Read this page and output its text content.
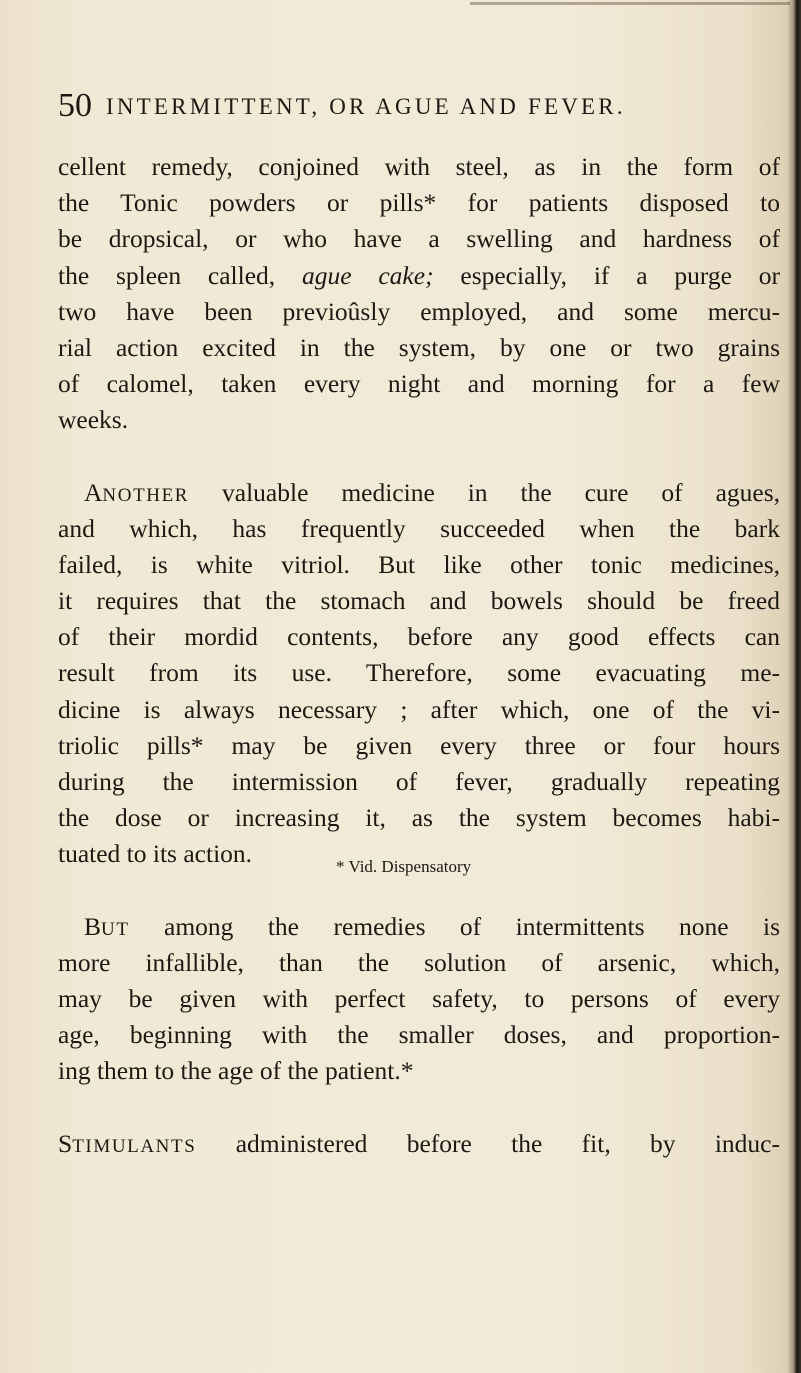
50 INTERMITTENT, OR AGUE AND FEVER.
cellent remedy, conjoined with steel, as in the form of
the Tonic powders or pills* for patients disposed to
be dropsical, or who have a swelling and hardness of
the spleen called, ague cake; especially, if a purge or
two have been previoûsly employed, and some mercu-
rial action excited in the system, by one or two grains
of calomel, taken every night and morning for a few
weeks.
ANOTHER valuable medicine in the cure of agues,
and which, has frequently succeeded when the bark
failed, is white vitriol. But like other tonic medicines,
it requires that the stomach and bowels should be freed
of their mordid contents, before any good effects can
result from its use. Therefore, some evacuating me-
dicine is always necessary ; after which, one of the vi-
triolic pills* may be given every three or four hours
during the intermission of fever, gradually repeating
the dose or increasing it, as the system becomes habi-
tuated to its action.
BUT among the remedies of intermittents none is
more infallible, than the solution of arsenic, which,
may be given with perfect safety, to persons of every
age, beginning with the smaller doses, and proportion-
ing them to the age of the patient.*
STIMULANTS administered before the fit, by induc-
* Vid. Dispensatory
